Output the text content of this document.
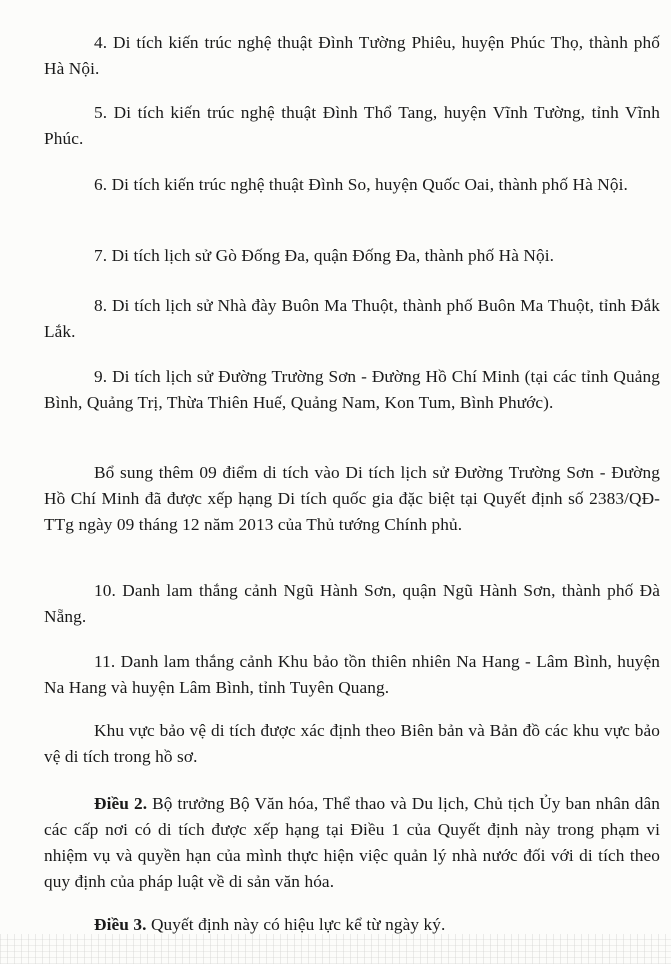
4. Di tích kiến trúc nghệ thuật Đình Tường Phiêu, huyện Phúc Thọ, thành phố Hà Nội.

5. Di tích kiến trúc nghệ thuật Đình Thổ Tang, huyện Vĩnh Tường, tỉnh Vĩnh Phúc.

6. Di tích kiến trúc nghệ thuật Đình So, huyện Quốc Oai, thành phố Hà Nội.

7. Di tích lịch sử Gò Đống Đa, quận Đống Đa, thành phố Hà Nội.

8. Di tích lịch sử Nhà đày Buôn Ma Thuột, thành phố Buôn Ma Thuột, tỉnh Đắk Lắk.

9. Di tích lịch sử Đường Trường Sơn - Đường Hồ Chí Minh (tại các tỉnh Quảng Bình, Quảng Trị, Thừa Thiên Huế, Quảng Nam, Kon Tum, Bình Phước).

Bổ sung thêm 09 điểm di tích vào Di tích lịch sử Đường Trường Sơn - Đường Hồ Chí Minh đã được xếp hạng Di tích quốc gia đặc biệt tại Quyết định số 2383/QĐ-TTg ngày 09 tháng 12 năm 2013 của Thủ tướng Chính phủ.

10. Danh lam thắng cảnh Ngũ Hành Sơn, quận Ngũ Hành Sơn, thành phố Đà Nẵng.

11. Danh lam thắng cảnh Khu bảo tồn thiên nhiên Na Hang - Lâm Bình, huyện Na Hang và huyện Lâm Bình, tỉnh Tuyên Quang.

Khu vực bảo vệ di tích được xác định theo Biên bản và Bản đồ các khu vực bảo vệ di tích trong hồ sơ.

Điều 2. Bộ trưởng Bộ Văn hóa, Thể thao và Du lịch, Chủ tịch Ủy ban nhân dân các cấp nơi có di tích được xếp hạng tại Điều 1 của Quyết định này trong phạm vi nhiệm vụ và quyền hạn của mình thực hiện việc quản lý nhà nước đối với di tích theo quy định của pháp luật về di sản văn hóa.

Điều 3. Quyết định này có hiệu lực kể từ ngày ký.
